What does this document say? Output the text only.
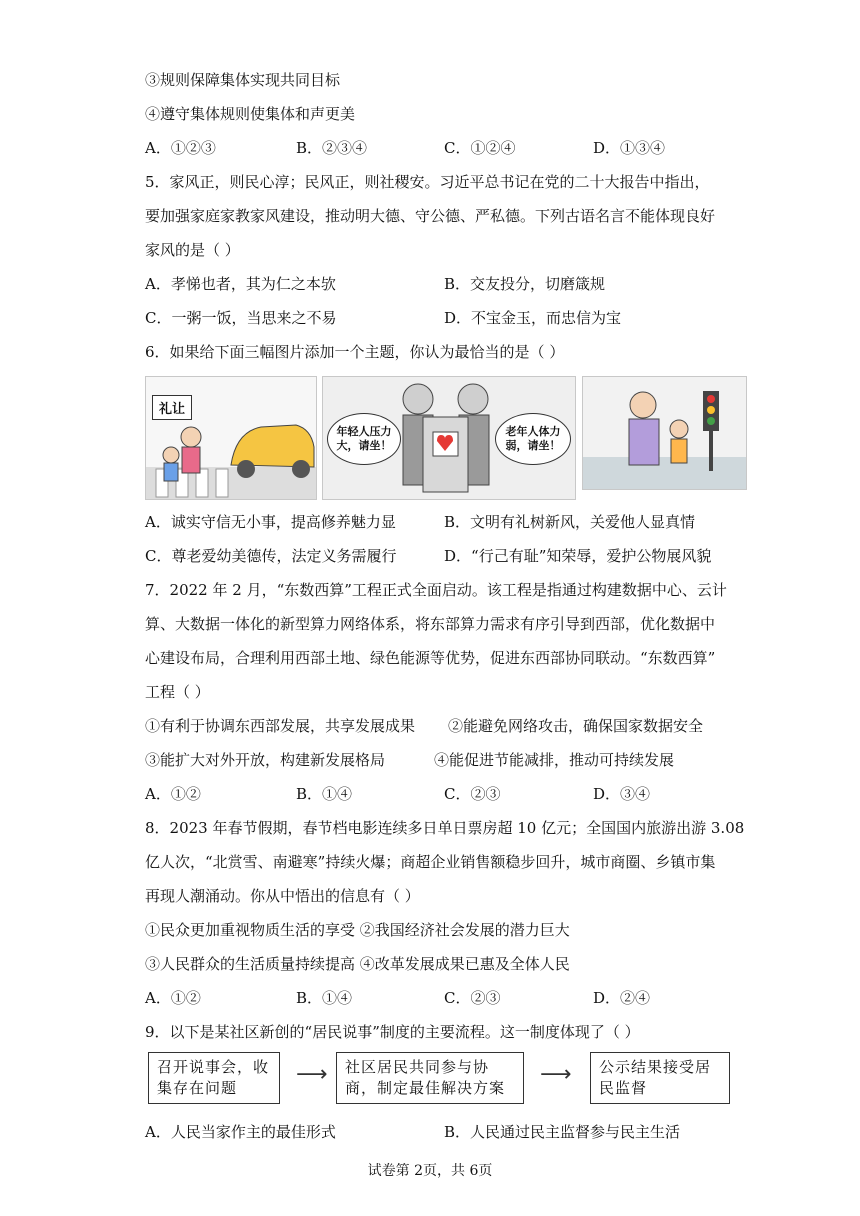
③规则保障集体实现共同目标
④遵守集体规则使集体和声更美
A．①②③	B．②③④	C．①②④	D．①③④
5．家风正，则民心淳；民风正，则社稷安。习近平总书记在党的二十大报告中指出，
要加强家庭家教家风建设，推动明大德、守公德、严私德。下列古语名言不能体现良好
家风的是（ ）
A．孝悌也者，其为仁之本欤	B．交友投分，切磨箴规
C．一粥一饭，当思来之不易	D．不宝金玉，而忠信为宝
6．如果给下面三幅图片添加一个主题，你认为最恰当的是（ ）
礼让
年轻人压力大，请坐！
老年人体力弱，请坐！
A．诚实守信无小事，提高修养魅力显	B．文明有礼树新风，关爱他人显真情
C．尊老爱幼美德传，法定义务需履行	D．“行己有耻”知荣辱，爱护公物展风貌
7．2022 年 2 月，“东数西算”工程正式全面启动。该工程是指通过构建数据中心、云计
算、大数据一体化的新型算力网络体系，将东部算力需求有序引导到西部，优化数据中
心建设布局，合理利用西部土地、绿色能源等优势，促进东西部协同联动。“东数西算”
工程（ ）
①有利于协调东西部发展，共享发展成果 ②能避免网络攻击，确保国家数据安全
③能扩大对外开放，构建新发展格局	④能促进节能减排，推动可持续发展
A．①②	B．①④	C．②③	D．③④
8．2023 年春节假期，春节档电影连续多日单日票房超 10 亿元；全国国内旅游出游 3.08
亿人次，“北赏雪、南避寒”持续火爆；商超企业销售额稳步回升，城市商圈、乡镇市集
再现人潮涌动。你从中悟出的信息有（ ）
①民众更加重视物质生活的享受 ②我国经济社会发展的潜力巨大
③人民群众的生活质量持续提高 ④改革发展成果已惠及全体人民
A．①②	B．①④	C．②③	D．②④
9．以下是某社区新创的“居民说事”制度的主要流程。这一制度体现了（ ）
召开说事会，收集存在问题
⟶	社区居民共同参与协商，制定最佳解决方案
⟶	公示结果接受居民监督
A．人民当家作主的最佳形式	B．人民通过民主监督参与民主生活
试卷第 2页，共 6页
